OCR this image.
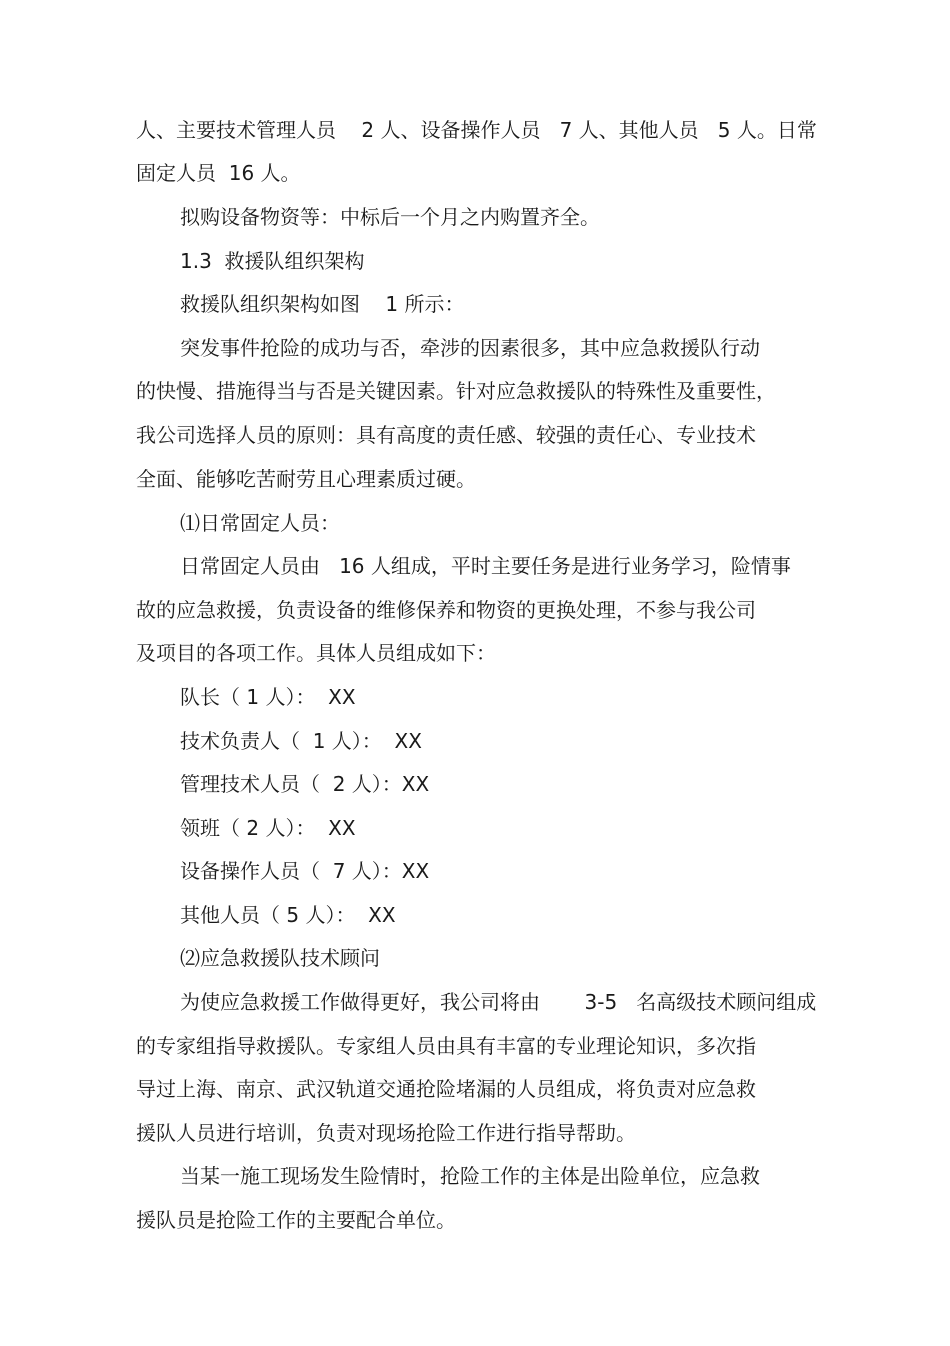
人、主要技术管理人员    2 人、设备操作人员   7 人、其他人员   5 人。日常
固定人员  16 人。
拟购设备物资等：中标后一个月之内购置齐全。
1.3  救援队组织架构
救援队组织架构如图    1 所示：
突发事件抢险的成功与否，牵涉的因素很多，其中应急救援队行动
的快慢、措施得当与否是关键因素。针对应急救援队的特殊性及重要性，
我公司选择人员的原则：具有高度的责任感、较强的责任心、专业技术
全面、能够吃苦耐劳且心理素质过硬。
⑴日常固定人员：
日常固定人员由   16 人组成，平时主要任务是进行业务学习，险情事
故的应急救援，负责设备的维修保养和物资的更换处理，不参与我公司
及项目的各项工作。具体人员组成如下：
队长（ 1 人）：  XX
技术负责人（  1 人）：  XX
管理技术人员（  2 人）：XX
领班（ 2 人）：  XX
设备操作人员（  7 人）：XX
其他人员（ 5 人）：  XX
⑵应急救援队技术顾问
为使应急救援工作做得更好，我公司将由       3-5   名高级技术顾问组成
的专家组指导救援队。专家组人员由具有丰富的专业理论知识，多次指
导过上海、南京、武汉轨道交通抢险堵漏的人员组成，将负责对应急救
援队人员进行培训，负责对现场抢险工作进行指导帮助。
当某一施工现场发生险情时，抢险工作的主体是出险单位，应急救
援队员是抢险工作的主要配合单位。
